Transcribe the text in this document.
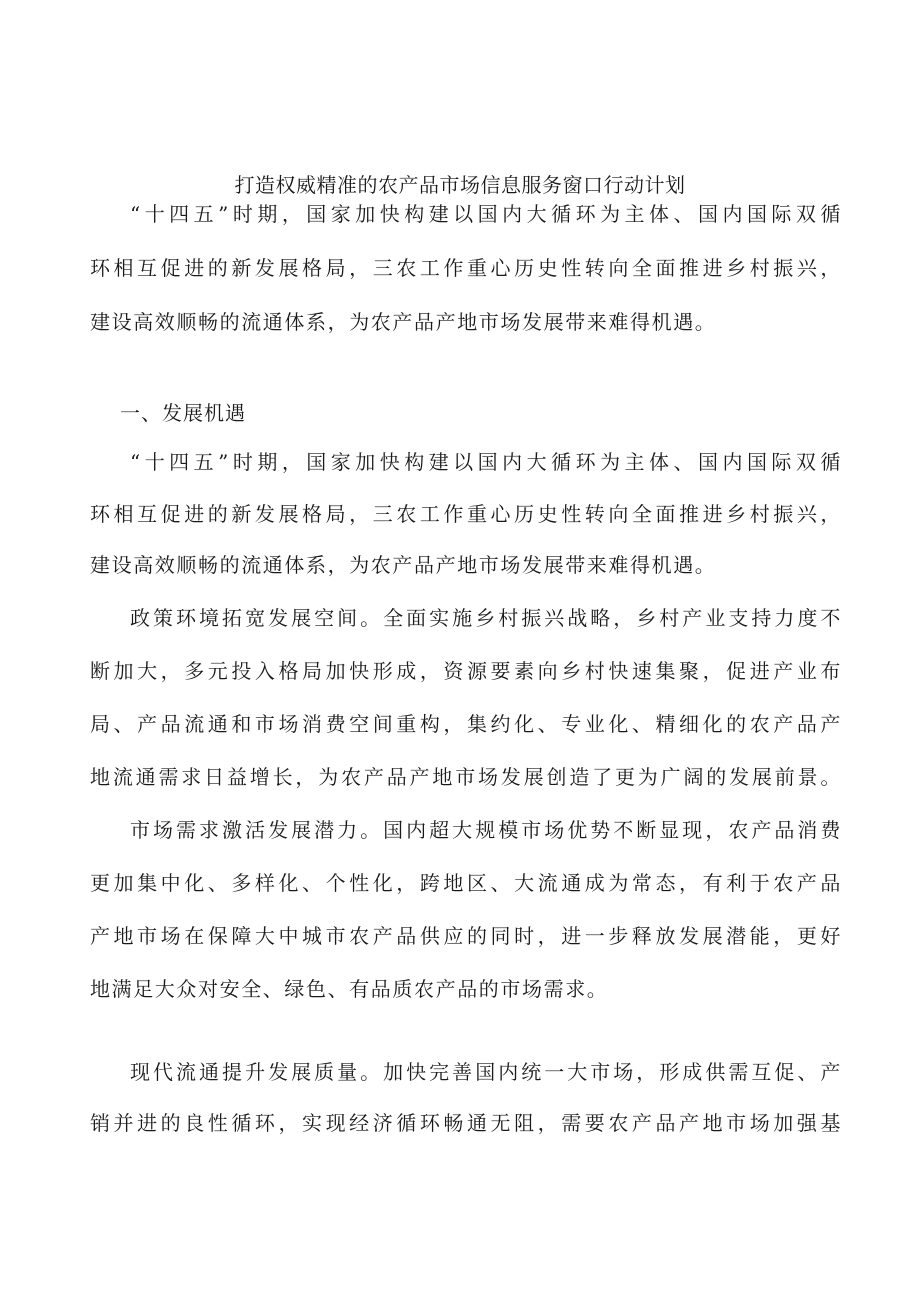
打造权威精准的农产品市场信息服务窗口行动计划
“十四五”时期，国家加快构建以国内大循环为主体、国内国际双循
环相互促进的新发展格局，三农工作重心历史性转向全面推进乡村振兴，
建设高效顺畅的流通体系，为农产品产地市场发展带来难得机遇。
一、发展机遇
“十四五”时期，国家加快构建以国内大循环为主体、国内国际双循
环相互促进的新发展格局，三农工作重心历史性转向全面推进乡村振兴，
建设高效顺畅的流通体系，为农产品产地市场发展带来难得机遇。
政策环境拓宽发展空间。全面实施乡村振兴战略，乡村产业支持力度不
断加大，多元投入格局加快形成，资源要素向乡村快速集聚，促进产业布
局、产品流通和市场消费空间重构，集约化、专业化、精细化的农产品产
地流通需求日益增长，为农产品产地市场发展创造了更为广阔的发展前景。
市场需求激活发展潜力。国内超大规模市场优势不断显现，农产品消费
更加集中化、多样化、个性化，跨地区、大流通成为常态，有利于农产品
产地市场在保障大中城市农产品供应的同时，进一步释放发展潜能，更好
地满足大众对安全、绿色、有品质农产品的市场需求。
现代流通提升发展质量。加快完善国内统一大市场，形成供需互促、产
销并进的良性循环，实现经济循环畅通无阻，需要农产品产地市场加强基
